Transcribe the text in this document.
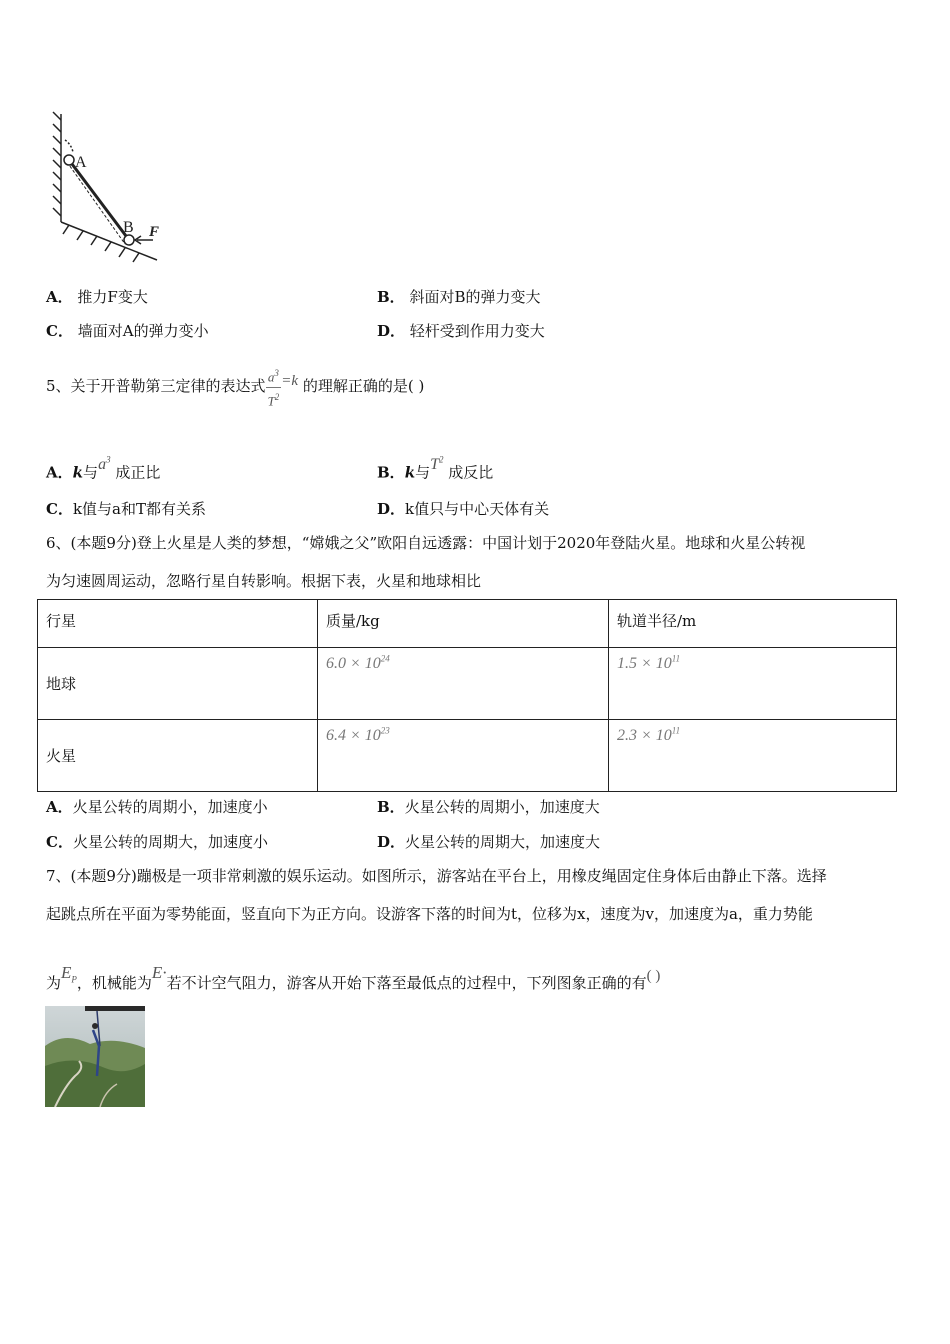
A
B F
A． 推力F变大	B． 斜面对B的弹力变大
C． 墙面对A的弹力变小	D． 轻杆受到作用力变大
5、关于开普勒第三定律的表达式 $\frac{a^3}{T^2} =k$ 的理解正确的是( )
A．k与$a^3$ 成正比	B．k与$T^2$ 成反比
C．k值与a和T都有关系	D．k值只与中心天体有关
6、(本题9分)登上火星是人类的梦想，“嫦娥之父”欧阳自远透露：中国计划于2020年登陆火星。地球和火星公转视
为匀速圆周运动，忽略行星自转影响。根据下表，火星和地球相比
行星	质量/kg	轨道半径/m
地球	$6.0 \times 10^{24}$	$1.5 \times 10^{11}$
火星	$6.4 \times 10^{23}$	$2.3 \times 10^{11}$
A．火星公转的周期小，加速度小	B．火星公转的周期小，加速度大
C．火星公转的周期大，加速度小	D．火星公转的周期大，加速度大
7、(本题9分)蹦极是一项非常刺激的娱乐运动。如图所示，游客站在平台上，用橡皮绳固定住身体后由静止下落。选择
起跳点所在平面为零势能面，竖直向下为正方向。设游客下落的时间为t，位移为x，速度为v，加速度为a，重力势能
为$E_P$，机械能为E·若不计空气阻力，游客从开始下落至最低点的过程中，下列图象正确的有( )
